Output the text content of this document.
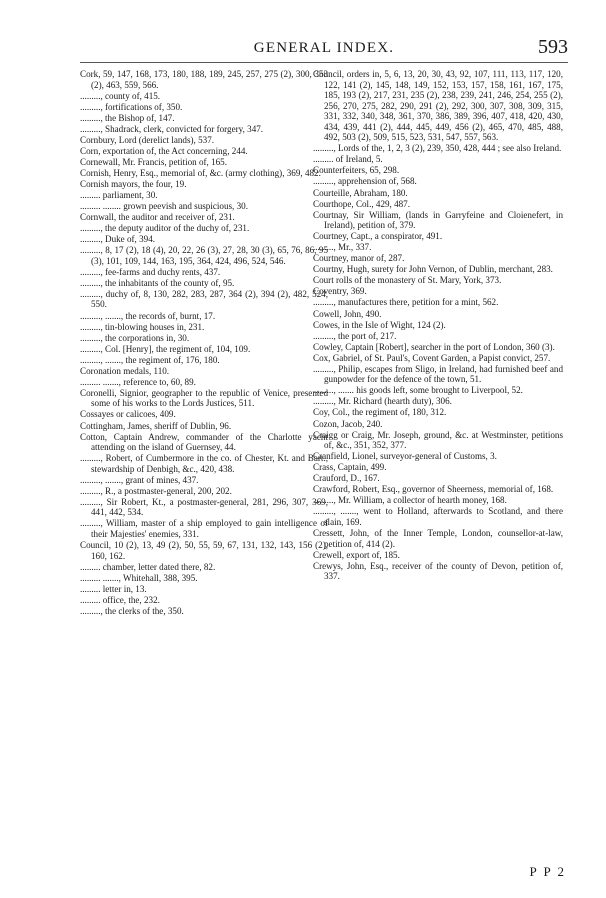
GENERAL INDEX.	593

Cork, 59, 147, 168, 173, 180, 188, 189, 245, 257, 275 (2), 300, 353 (2), 463, 559, 566.

........., county of, 415.

........., fortifications of, 350.

........., the Bishop of, 147.

........., Shadrack, clerk, convicted for forgery, 347.

Cornbury, Lord (derelict lands), 537.

Corn, exportation of, the Act concerning, 244.

Cornewall, Mr. Francis, petition of, 165.

Cornish, Henry, Esq., memorial of, &c. (army clothing), 369, 482.

Cornish mayors, the four, 19.

......... parliament, 30.

......... ........ grown peevish and suspicious, 30.

Cornwall, the auditor and receiver of, 231.

........., the deputy auditor of the duchy of, 231.

........., Duke of, 394.

........., 8, 17 (2), 18 (4), 20, 22, 26 (3), 27, 28, 30 (3), 65, 76, 86, 95 (3), 101, 109, 144, 163, 195, 364, 424, 496, 524, 546.

........., fee-farms and duchy rents, 437.

........., the inhabitants of the county of, 95.

........., duchy of, 8, 130, 282, 283, 287, 364 (2), 394 (2), 482, 524, 550.

........., ......., the records of, burnt, 17.

........., tin-blowing houses in, 231.

........., the corporations in, 30.

........., Col. [Henry], the regiment of, 104, 109.

........., ......., the regiment of, 176, 180.

Coronation medals, 110.

......... ......., reference to, 60, 89.

Coronelli, Signior, geographer to the republic of Venice, presented some of his works to the Lords Justices, 511.

Cossayes or calicoes, 409.

Cottingham, James, sheriff of Dublin, 96.

Cotton, Captain Andrew, commander of the Charlotte yacht attending on the island of Guernsey, 44.

........., Robert, of Cumbermore in the co. of Chester, Kt. and Bart., stewardship of Denbigh, &c., 420, 438.

........., ......., grant of mines, 437.

........., R., a postmaster-general, 200, 202.

........., Sir Robert, Kt., a postmaster-general, 281, 296, 307, 369, 441, 442, 534.

........., William, master of a ship employed to gain intelligence of their Majesties' enemies, 331.

Council, 10 (2), 13, 49 (2), 50, 55, 59, 67, 131, 132, 143, 156 (2), 160, 162.

......... chamber, letter dated there, 82.

......... ......., Whitehall, 388, 395.

......... letter in, 13.

......... office, the, 232.

........., the clerks of the, 350.

Council, orders in, 5, 6, 13, 20, 30, 43, 92, 107, 111, 113, 117, 120, 122, 141 (2), 145, 148, 149, 152, 153, 157, 158, 161, 167, 175, 185, 193 (2), 217, 231, 235 (2), 238, 239, 241, 246, 254, 255 (2), 256, 270, 275, 282, 290, 291 (2), 292, 300, 307, 308, 309, 315, 331, 332, 340, 348, 361, 370, 386, 389, 396, 407, 418, 420, 430, 434, 439, 441 (2), 444, 445, 449, 456 (2), 465, 470, 485, 488, 492, 503 (2), 509, 515, 523, 531, 547, 557, 563.

........., Lords of the, 1, 2, 3 (2), 239, 350, 428, 444 ; see also Ireland.

......... of Ireland, 5.

Counterfeiters, 65, 298.

........., apprehension of, 568.

Courteille, Abraham, 180.

Courthope, Col., 429, 487.

Courtnay, Sir William, (lands in Garryfeine and Cloienefert, in Ireland), petition of, 379.

Courtney, Capt., a conspirator, 491.

........., Mr., 337.

Courtney, manor of, 287.

Courtny, Hugh, surety for John Vernon, of Dublin, merchant, 283.

Court rolls of the monastery of St. Mary, York, 373.

Coventry, 369.

........., manufactures there, petition for a mint, 562.

Cowell, John, 490.

Cowes, in the Isle of Wight, 124 (2).

........., the port of, 217.

Cowley, Captain [Robert], searcher in the port of London, 360 (3).

Cox, Gabriel, of St. Paul's, Covent Garden, a Papist convict, 257.

........., Philip, escapes from Sligo, in Ireland, had furnished beef and gunpowder for the defence of the town, 51.

........., ....... his goods left, some brought to Liverpool, 52.

........., Mr. Richard (hearth duty), 306.

Coy, Col., the regiment of, 180, 312.

Cozon, Jacob, 240.

Craigg or Craig, Mr. Joseph, ground, &c. at Westminster, petitions of, &c., 351, 352, 377.

Cranfield, Lionel, surveyor-general of Customs, 3.

Crass, Captain, 499.

Crauford, D., 167.

Crawford, Robert, Esq., governor of Sheerness, memorial of, 168.

........., Mr. William, a collector of hearth money, 168.

........., ......., went to Holland, afterwards to Scotland, and there slain, 169.

Cressett, John, of the Inner Temple, London, counsellor-at-law, petition of, 414 (2).

Crewell, export of, 185.

Crewys, John, Esq., receiver of the county of Devon, petition of, 337.

P P 2
